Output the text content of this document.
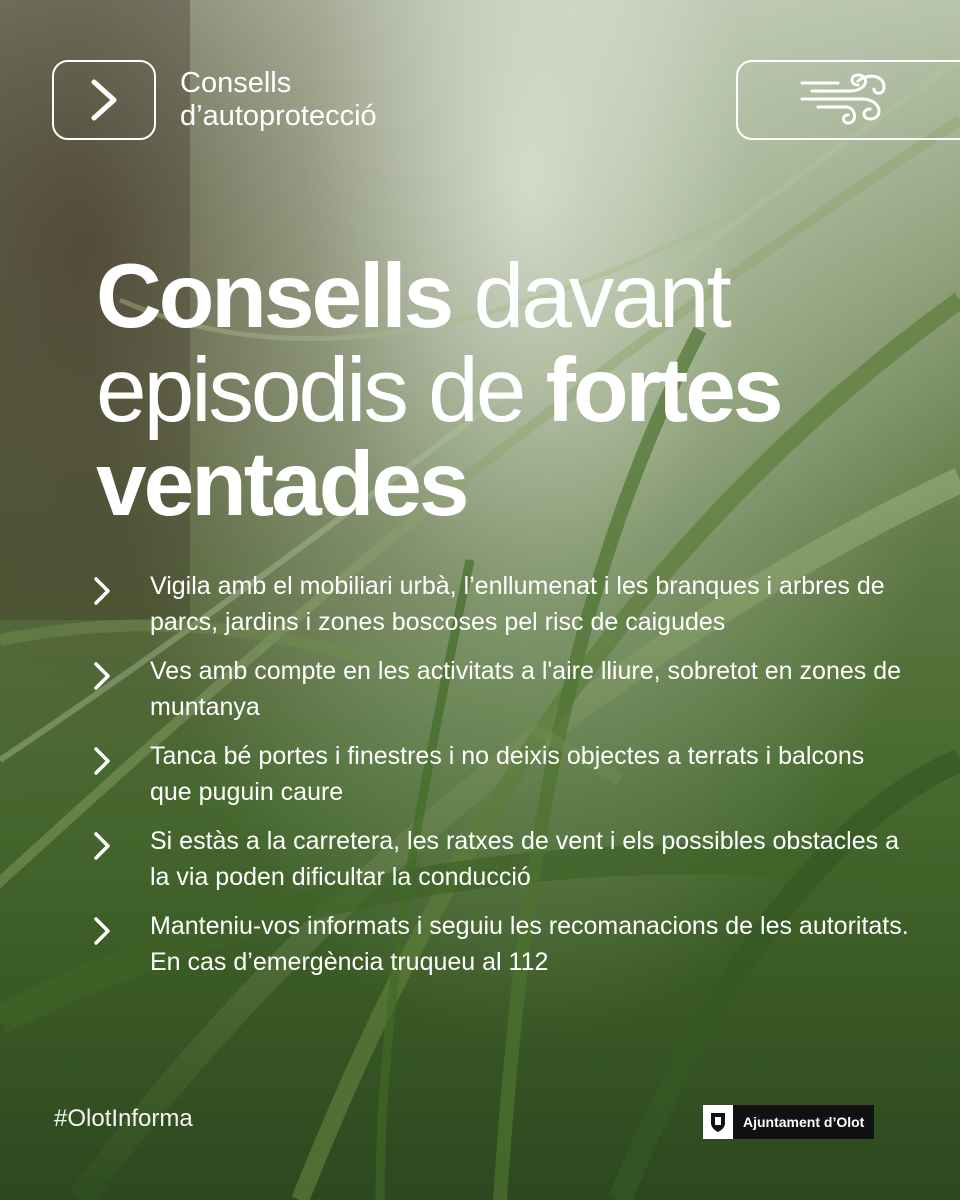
Consells
d’autoprotecció
Consells davant
episodis de fortes
ventades
Vigila amb el mobiliari urbà, l’enllumenat i les branques i arbres de parcs, jardins i zones boscoses pel risc de caigudes
Ves amb compte en les activitats a l'aire lliure, sobretot en zones de muntanya
Tanca bé portes i finestres i no deixis objectes a terrats i balcons que puguin caure
Si estàs a la carretera, les ratxes de vent i els possibles obstacles a la via poden dificultar la conducció
Manteniu-vos informats i seguiu les recomanacions de les autoritats. En cas d’emergència truqueu al 112
#OlotInforma	Ajuntament d’Olot
